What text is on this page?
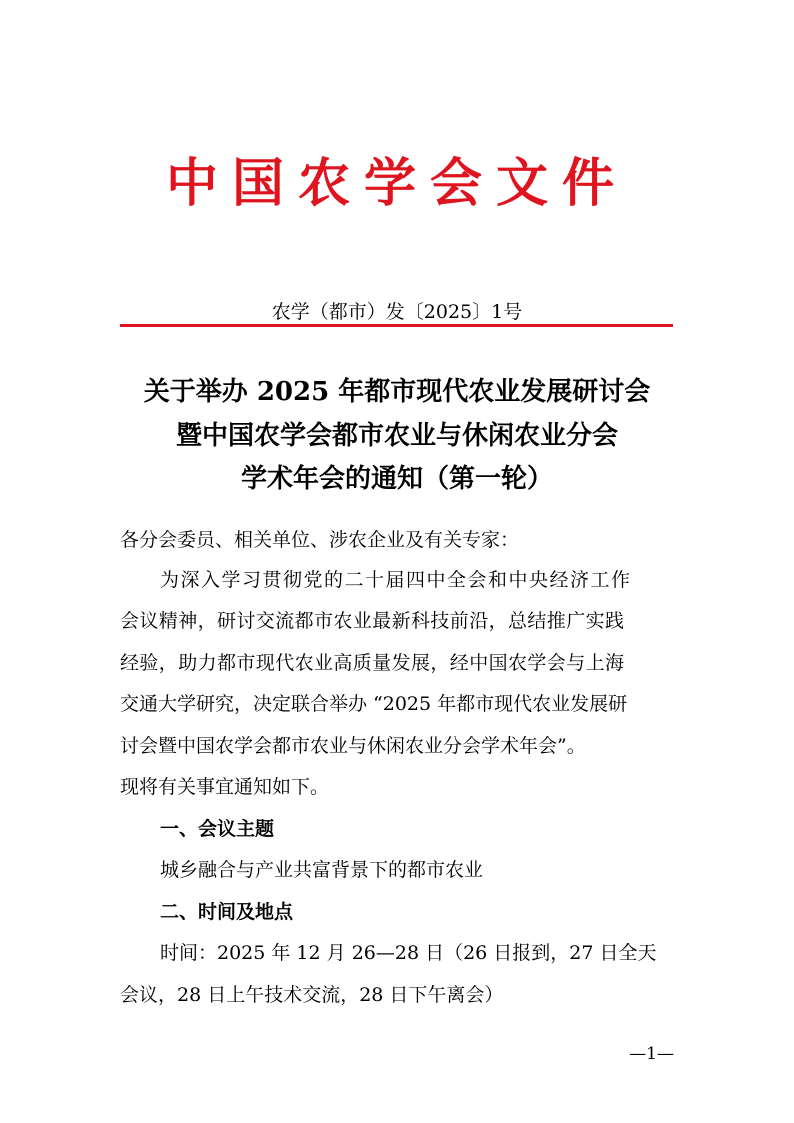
中国农学会文件
农学（都市）发〔2025〕1号
关于举办 2025 年都市现代农业发展研讨会
暨中国农学会都市农业与休闲农业分会
学术年会的通知（第一轮）
各分会委员、相关单位、涉农企业及有关专家：
为深入学习贯彻党的二十届四中全会和中央经济工作
会议精神，研讨交流都市农业最新科技前沿，总结推广实践
经验，助力都市现代农业高质量发展，经中国农学会与上海
交通大学研究，决定联合举办 “2025 年都市现代农业发展研
讨会暨中国农学会都市农业与休闲农业分会学术年会”。
现将有关事宜通知如下。
一、会议主题
城乡融合与产业共富背景下的都市农业
二、时间及地点
时间：2025 年 12 月 26—28 日（26 日报到，27 日全天
会议，28 日上午技术交流，28 日下午离会）
—1—
